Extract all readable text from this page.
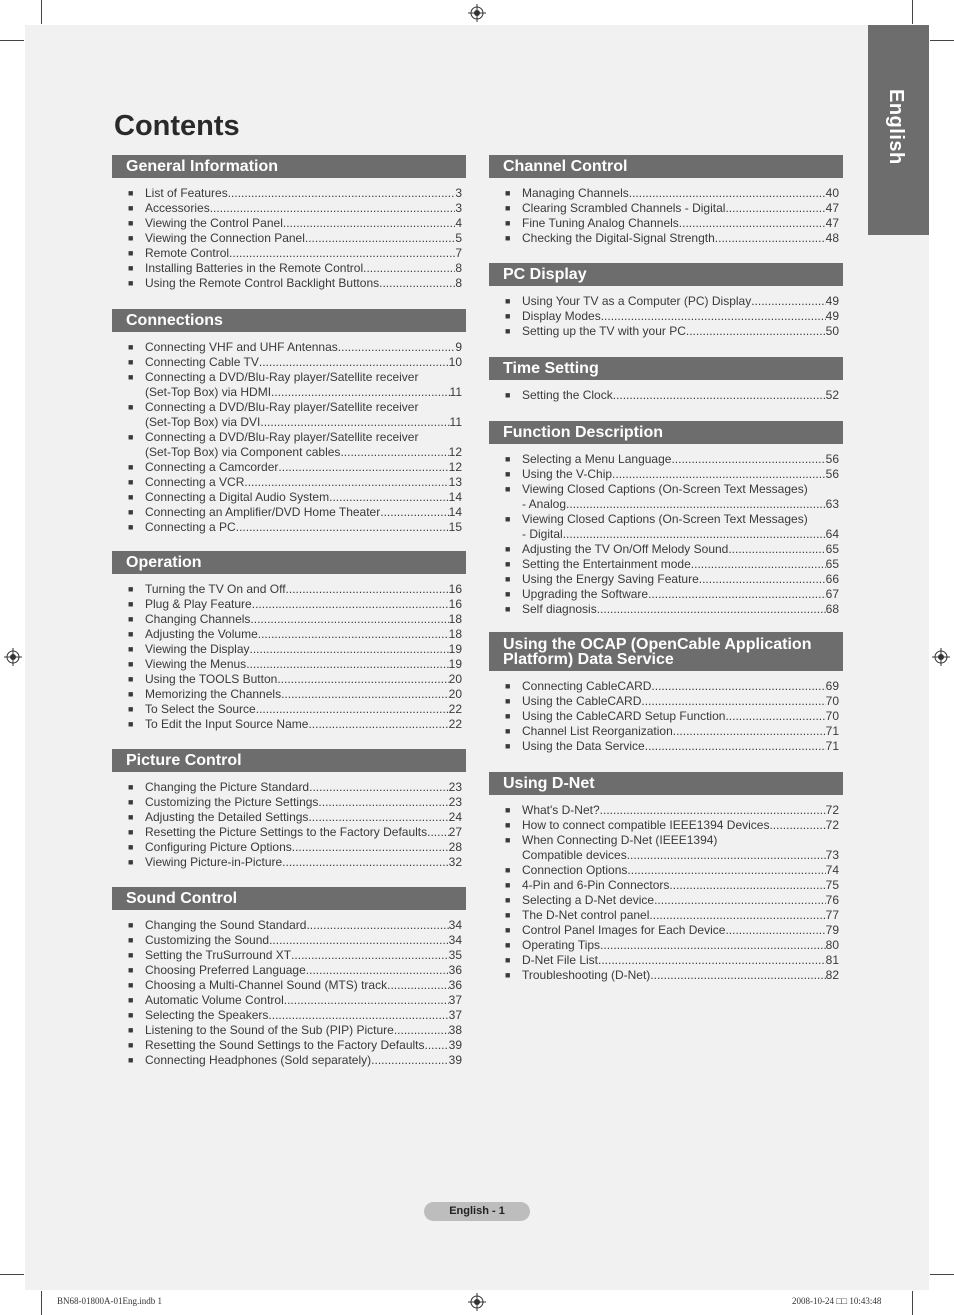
English
Contents
General Information
■ List of Features .....	3
■ Accessories .....	3
■ Viewing the Control Panel .....	4
■ Viewing the Connection Panel .....	5
■ Remote Control .....	7
■ Installing Batteries in the Remote Control .....	8
■ Using the Remote Control Backlight Buttons .....	8
Connections
■ Connecting VHF and UHF Antennas .....	9
■ Connecting Cable TV .....	10
■ Connecting a DVD/Blu-Ray player/Satellite receiver
(Set-Top Box) via HDMI .....	11
■ Connecting a DVD/Blu-Ray player/Satellite receiver
(Set-Top Box) via DVI .....	11
■ Connecting a DVD/Blu-Ray player/Satellite receiver
(Set-Top Box) via Component cables .....	12
■ Connecting a Camcorder .....	12
■ Connecting a VCR .....	13
■ Connecting a Digital Audio System .....	14
■ Connecting an Amplifier/DVD Home Theater .....	14
■ Connecting a PC .....	15
Operation
■ Turning the TV On and Off .....	16
■ Plug & Play Feature .....	16
■ Changing Channels .....	18
■ Adjusting the Volume .....	18
■ Viewing the Display .....	19
■ Viewing the Menus .....	19
■ Using the TOOLS Button .....	20
■ Memorizing the Channels .....	20
■ To Select the Source .....	22
■ To Edit the Input Source Name .....	22
Picture Control
■ Changing the Picture Standard .....	23
■ Customizing the Picture Settings .....	23
■ Adjusting the Detailed Settings .....	24
■ Resetting the Picture Settings to the Factory Defaults ..... 27
■ Configuring Picture Options .....	28
■ Viewing Picture-in-Picture .....	32
Sound Control
■ Changing the Sound Standard .....	34
■ Customizing the Sound .....	34
■ Setting the TruSurround XT .....	35
■ Choosing Preferred Language .....	36
■ Choosing a Multi-Channel Sound (MTS) track .....	36
■ Automatic Volume Control .....	37
■ Selecting the Speakers .....	37
■ Listening to the Sound of the Sub (PIP) Picture .....	38
■ Resetting the Sound Settings to the Factory Defaults ..... 39
■ Connecting Headphones (Sold separately) .....	39
Channel Control
■ Managing Channels .....	40
■ Clearing Scrambled Channels - Digital .....	47
■ Fine Tuning Analog Channels .....	47
■ Checking the Digital-Signal Strength .....	48
PC Display
■ Using Your TV as a Computer (PC) Display .....	49
■ Display Modes .....	49
■ Setting up the TV with your PC .....	50
Time Setting
■ Setting the Clock .....	52
Function Description
■ Selecting a Menu Language .....	56
■ Using the V-Chip .....	56
■ Viewing Closed Captions (On-Screen Text Messages)
- Analog .....	63
■ Viewing Closed Captions (On-Screen Text Messages)
- Digital .....	64
■ Adjusting the TV On/Off Melody Sound .....	65
■ Setting the Entertainment mode .....	65
■ Using the Energy Saving Feature .....	66
■ Upgrading the Software .....	67
■ Self diagnosis .....	68
Using the OCAP (OpenCable Application
Platform) Data Service
■ Connecting CableCARD .....	69
■ Using the CableCARD .....	70
■ Using the CableCARD Setup Function .....	70
■ Channel List Reorganization .....	71
■ Using the Data Service .....	71
Using D-Net
■ What's D-Net? .....	72
■ How to connect compatible IEEE1394 Devices .....	72
■ When Connecting D-Net (IEEE1394)
Compatible devices .....	73
■ Connection Options .....	74
■ 4-Pin and 6-Pin Connectors .....	75
■ Selecting a D-Net device .....	76
■ The D-Net control panel .....	77
■ Control Panel Images for Each Device .....	79
■ Operating Tips .....	80
■ D-Net File List .....	81
■ Troubleshooting (D-Net) .....	82
English - 1
BN68-01800A-01Eng.indb 1	2008-10-24 □□ 10:43:48
